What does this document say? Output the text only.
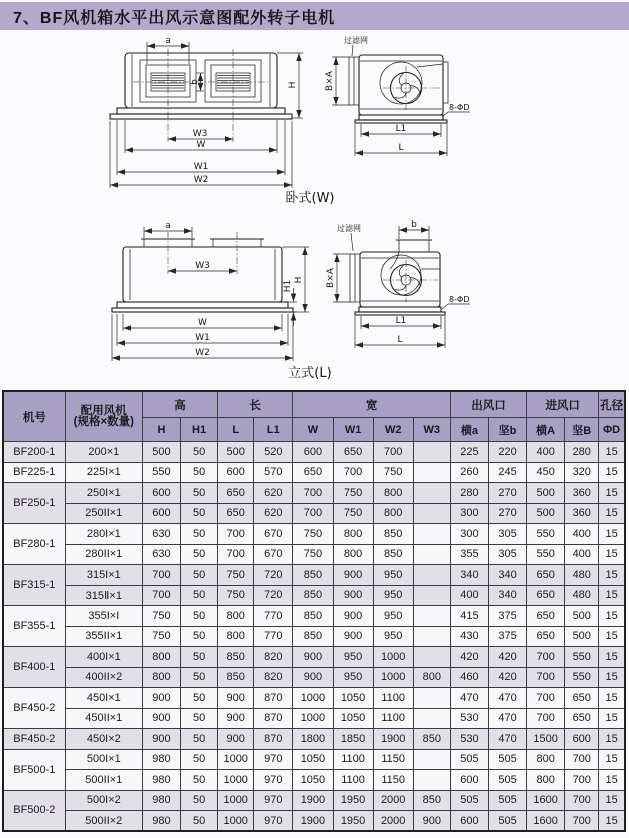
7、BF风机箱水平出风示意图配外转子电机
a
b	H
W3
W
W1
W2
卧式(W)
过滤网
B×A
8-ΦD
L1
L
a
W3
H1 H
W
W1
W2
立式(L)
b
过滤网
B×A
8-ΦD
L1
L
机号	配用风机
(规格×数量)	高		长		宽				出风口		进风口		孔径
		H	H1	L	L1	W	W1	W2	W3	横a	坚b	横A	坚B	ΦD
BF200-1	200×1	500	50	500	520	600	650	700		225	220	400	280	15
BF225-1	225I×1	550	50	600	570	650	700	750		260	245	450	320	15
BF250-1	250I×1	600	50	650	620	700	750	800		280	270	500	360	15
	250II×1	600	50	650	620	700	750	800		300	270	500	360	15
BF280-1	280I×1	630	50	700	670	750	800	850		300	305	550	400	15
	280II×1	630	50	700	670	750	800	850		355	305	550	400	15
BF315-1	315I×1	700	50	750	720	850	900	950		340	340	650	480	15
	315Ⅱ×1	700	50	750	720	850	900	950		400	340	650	480	15
BF355-1	355I×I	750	50	800	770	850	900	950		415	375	650	500	15
	355II×1	750	50	800	770	850	900	950		430	375	650	500	15
BF400-1	400I×1	800	50	850	820	900	950	1000		420	420	700	550	15
	400II×2	800	50	850	820	900	950	1000	800	460	420	700	550	15
BF450-2	450I×1	900	50	900	870	1000	1050	1100		470	470	700	650	15
	450II×1	900	50	900	870	1000	1050	1100		530	470	700	650	15
BF450-2	450I×2	900	50	900	870	1800	1850	1900	850	530	470	1500	600	15
BF500-1	500I×1	980	50	1000	970	1050	1100	1150		505	505	800	700	15
	500II×1	980	50	1000	970	1050	1100	1150		600	505	800	700	15
BF500-2	500I×2	980	50	1000	970	1900	1950	2000	850	505	505	1600	700	15
	500II×2	980	50	1000	970	1900	1950	2000	900	600	505	1600	700	15
